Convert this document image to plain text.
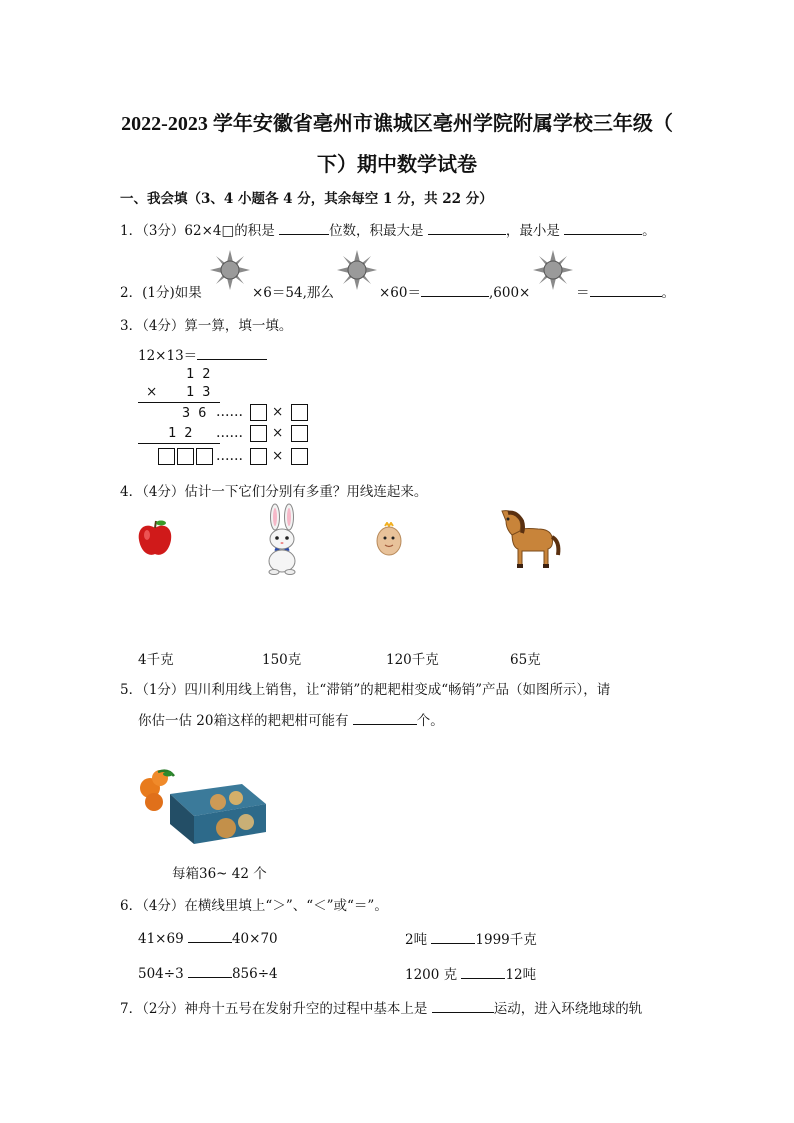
2022-2023 学年安徽省亳州市谯城区亳州学院附属学校三年级（
下）期中数学试卷
一、我会填（3、4 小题各 4 分，其余每空 1 分，共 22 分）
1．（3分）62×4□的积是	位数，积最大是	，最小是	。
2．(1分)如果	×6＝54,那么	×60＝	,600×	＝	。
3．（4分）算一算，填一填。
12×13＝
1 2
× 1 3
3 6 …… ×
1 2 …… ×
…… ×
4．（4分）估计一下它们分别有多重？用线连起来。
4千克	150克	120千克	65克
5．（1分）四川利用线上销售，让“滞销”的耙耙柑变成“畅销”产品（如图所示），请
你估一估 20箱这样的耙耙柑可能有	个。
每箱36~ 42 个
6．（4分）在横线里填上“＞”、“＜”或“＝”。
41×69	40×70	2吨	1999千克
504÷3	856÷4	1200 克	12吨
7．（2分）神舟十五号在发射升空的过程中基本上是	运动，进入环绕地球的轨
